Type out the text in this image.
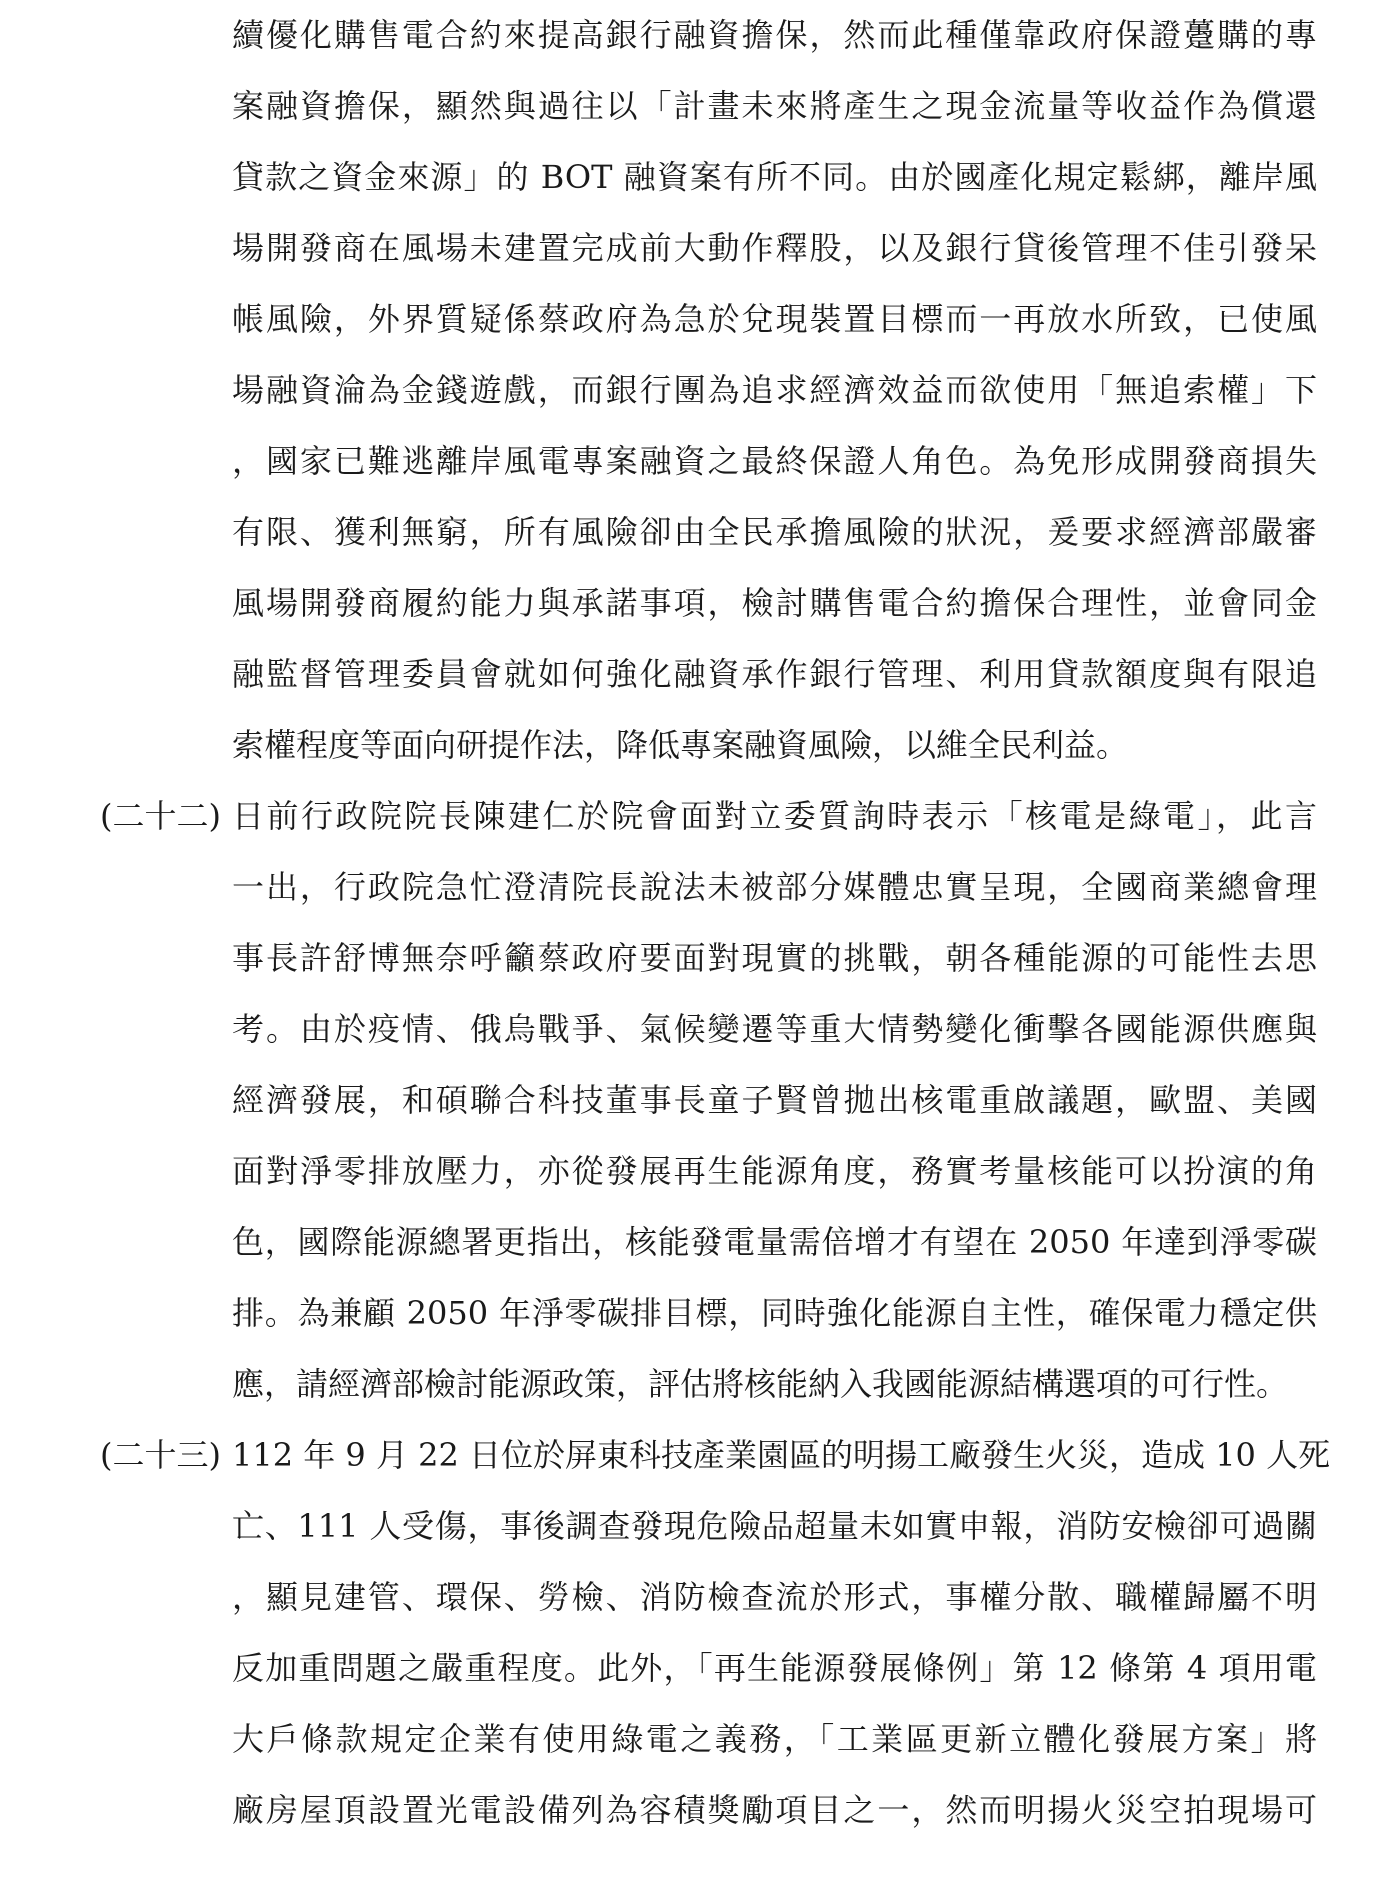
續優化購售電合約來提高銀行融資擔保，然而此種僅靠政府保證躉購的專
案融資擔保，顯然與過往以「計畫未來將產生之現金流量等收益作為償還
貸款之資金來源」的 BOT 融資案有所不同。由於國產化規定鬆綁，離岸風
場開發商在風場未建置完成前大動作釋股，以及銀行貸後管理不佳引發呆
帳風險，外界質疑係蔡政府為急於兌現裝置目標而一再放水所致，已使風
場融資淪為金錢遊戲，而銀行團為追求經濟效益而欲使用「無追索權」下
，國家已難逃離岸風電專案融資之最終保證人角色。為免形成開發商損失
有限、獲利無窮，所有風險卻由全民承擔風險的狀況，爰要求經濟部嚴審
風場開發商履約能力與承諾事項，檢討購售電合約擔保合理性，並會同金
融監督管理委員會就如何強化融資承作銀行管理、利用貸款額度與有限追
索權程度等面向研提作法，降低專案融資風險，以維全民利益。
(二十二) 日前行政院院長陳建仁於院會面對立委質詢時表示「核電是綠電」，此言
一出，行政院急忙澄清院長說法未被部分媒體忠實呈現，全國商業總會理
事長許舒博無奈呼籲蔡政府要面對現實的挑戰，朝各種能源的可能性去思
考。由於疫情、俄烏戰爭、氣候變遷等重大情勢變化衝擊各國能源供應與
經濟發展，和碩聯合科技董事長童子賢曾拋出核電重啟議題，歐盟、美國
面對淨零排放壓力，亦從發展再生能源角度，務實考量核能可以扮演的角
色，國際能源總署更指出，核能發電量需倍增才有望在 2050 年達到淨零碳
排。為兼顧 2050 年淨零碳排目標，同時強化能源自主性，確保電力穩定供
應，請經濟部檢討能源政策，評估將核能納入我國能源結構選項的可行性。
(二十三) 112 年 9 月 22 日位於屏東科技產業園區的明揚工廠發生火災，造成 10 人死
亡、111 人受傷，事後調查發現危險品超量未如實申報，消防安檢卻可過關
，顯見建管、環保、勞檢、消防檢查流於形式，事權分散、職權歸屬不明
反加重問題之嚴重程度。此外，「再生能源發展條例」第 12 條第 4 項用電
大戶條款規定企業有使用綠電之義務，「工業區更新立體化發展方案」將
廠房屋頂設置光電設備列為容積獎勵項目之一，然而明揚火災空拍現場可
